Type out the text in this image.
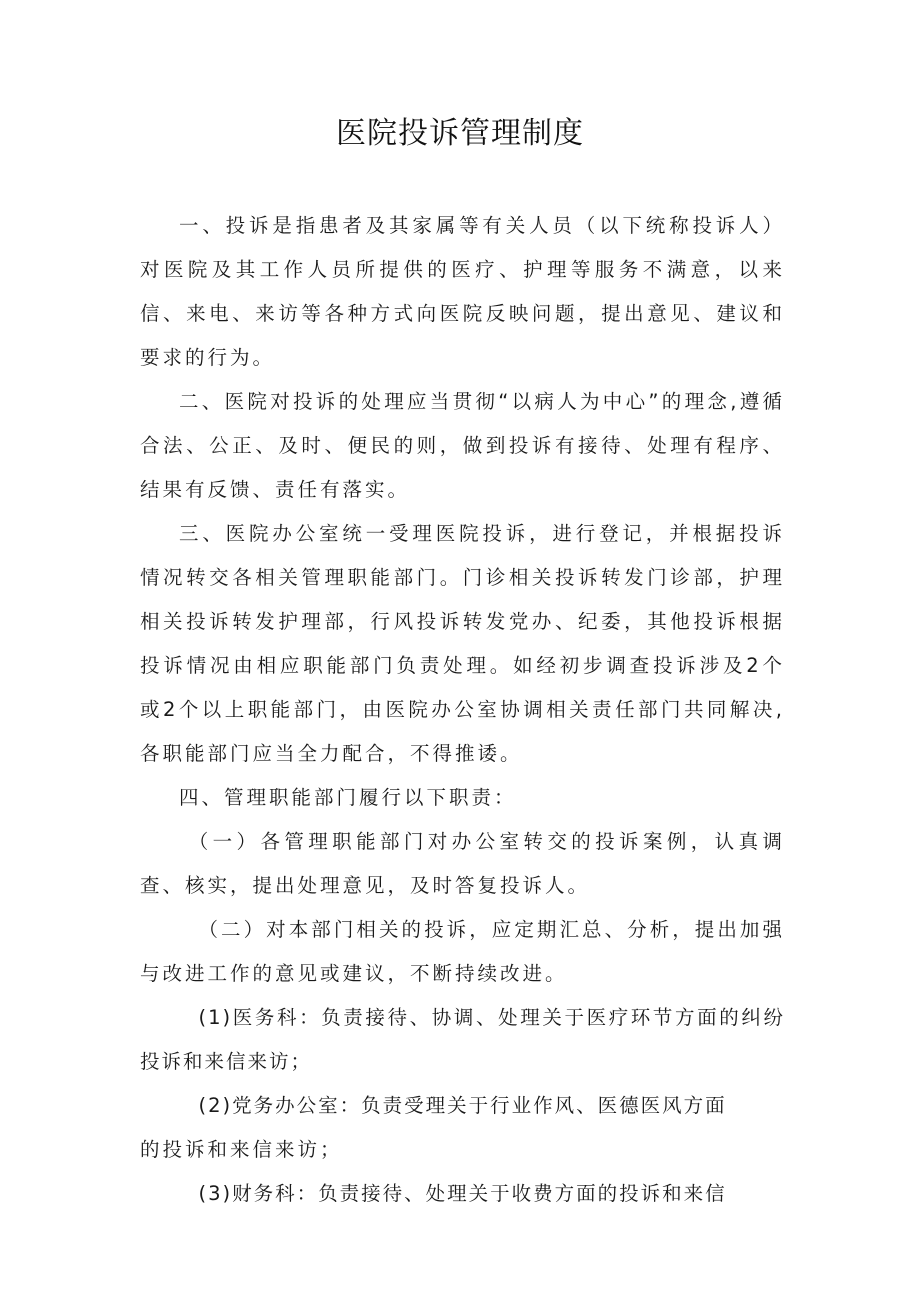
医院投诉管理制度

一、投诉是指患者及其家属等有关人员（以下统称投诉人）对医院及其工作人员所提供的医疗、护理等服务不满意，以来信、来电、来访等各种方式向医院反映问题，提出意见、建议和要求的行为。

二、医院对投诉的处理应当贯彻“以病人为中心”的理念,遵循合法、公正、及时、便民的则，做到投诉有接待、处理有程序、结果有反馈、责任有落实。

三、医院办公室统一受理医院投诉，进行登记，并根据投诉情况转交各相关管理职能部门。门诊相关投诉转发门诊部，护理相关投诉转发护理部，行风投诉转发党办、纪委，其他投诉根据投诉情况由相应职能部门负责处理。如经初步调查投诉涉及2个或2个以上职能部门，由医院办公室协调相关责任部门共同解决,各职能部门应当全力配合，不得推诿。

四、管理职能部门履行以下职责：

（一）各管理职能部门对办公室转交的投诉案例，认真调查、核实，提出处理意见，及时答复投诉人。

（二）对本部门相关的投诉，应定期汇总、分析，提出加强与改进工作的意见或建议，不断持续改进。

(1)医务科：负责接待、协调、处理关于医疗环节方面的纠纷投诉和来信来访；

(2)党务办公室：负责受理关于行业作风、医德医风方面

的投诉和来信来访；

(3)财务科：负责接待、处理关于收费方面的投诉和来信
